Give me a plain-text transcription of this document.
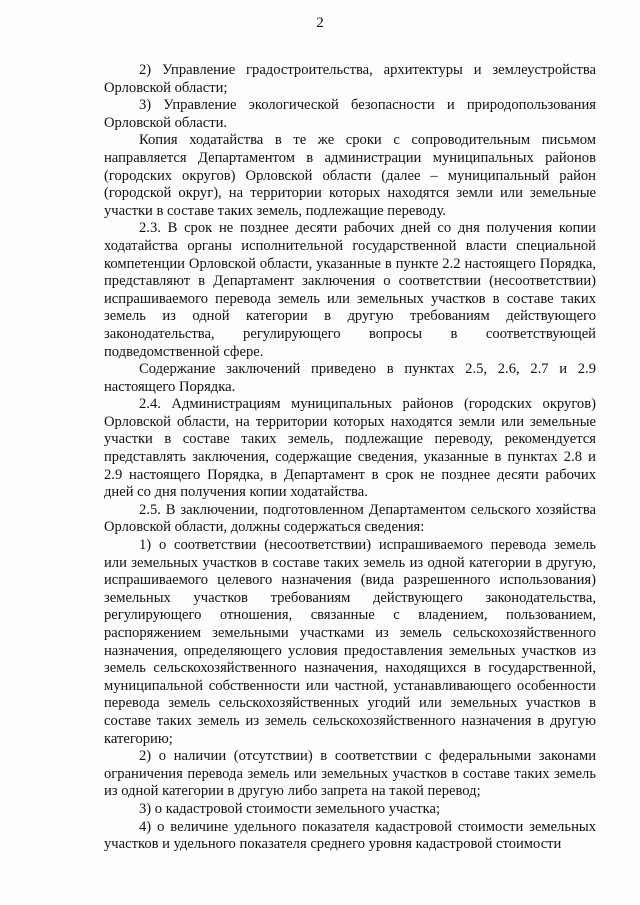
2

2) Управление градостроительства, архитектуры и землеустройства Орловской области;

3) Управление экологической безопасности и природопользования Орловской области.

Копия ходатайства в те же сроки с сопроводительным письмом направляется Департаментом в администрации муниципальных районов (городских округов) Орловской области (далее – муниципальный район (городской округ), на территории которых находятся земли или земельные участки в составе таких земель, подлежащие переводу.

2.3. В срок не позднее десяти рабочих дней со дня получения копии ходатайства органы исполнительной государственной власти специальной компетенции Орловской области, указанные в пункте 2.2 настоящего Порядка, представляют в Департамент заключения о соответствии (несоответствии) испрашиваемого перевода земель или земельных участков в составе таких земель из одной категории в другую требованиям действующего законодательства, регулирующего вопросы в соответствующей подведомственной сфере.

Содержание заключений приведено в пунктах 2.5, 2.6, 2.7 и 2.9 настоящего Порядка.

2.4. Администрациям муниципальных районов (городских округов) Орловской области, на территории которых находятся земли или земельные участки в составе таких земель, подлежащие переводу, рекомендуется представлять заключения, содержащие сведения, указанные в пунктах 2.8 и 2.9 настоящего Порядка, в Департамент в срок не позднее десяти рабочих дней со дня получения копии ходатайства.

2.5. В заключении, подготовленном Департаментом сельского хозяйства Орловской области, должны содержаться сведения:

1) о соответствии (несоответствии) испрашиваемого перевода земель или земельных участков в составе таких земель из одной категории в другую, испрашиваемого целевого назначения (вида разрешенного использования) земельных участков требованиям действующего законодательства, регулирующего отношения, связанные с владением, пользованием, распоряжением земельными участками из земель сельскохозяйственного назначения, определяющего условия предоставления земельных участков из земель сельскохозяйственного назначения, находящихся в государственной, муниципальной собственности или частной, устанавливающего особенности перевода земель сельскохозяйственных угодий или земельных участков в составе таких земель из земель сельскохозяйственного назначения в другую категорию;

2) о наличии (отсутствии) в соответствии с федеральными законами ограничения перевода земель или земельных участков в составе таких земель из одной категории в другую либо запрета на такой перевод;

3) о кадастровой стоимости земельного участка;

4) о величине удельного показателя кадастровой стоимости земельных участков и удельного показателя среднего уровня кадастровой стоимости
